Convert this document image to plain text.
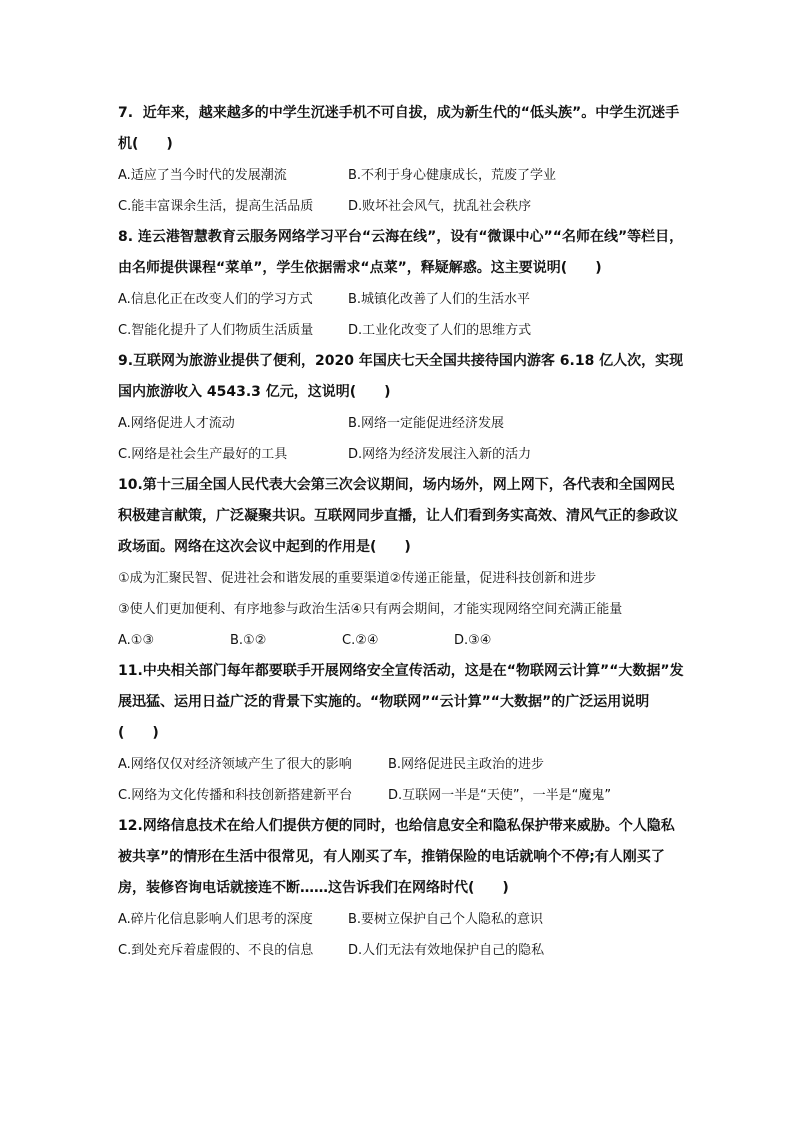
7.  近年来，越来越多的中学生沉迷手机不可自拔，成为新生代的“低头族”。中学生沉迷手机(　　)

A.适应了当今时代的发展潮流	B.不利于身心健康成长，荒废了学业

C.能丰富课余生活，提高生活品质	D.败坏社会风气，扰乱社会秩序

8. 连云港智慧教育云服务网络学习平台“云海在线”，设有“微课中心”“名师在线”等栏目，由名师提供课程“菜单”，学生依据需求“点菜”，释疑解惑。这主要说明(　　)

A.信息化正在改变人们的学习方式	B.城镇化改善了人们的生活水平

C.智能化提升了人们物质生活质量	D.工业化改变了人们的思维方式

9.互联网为旅游业提供了便利，2020 年国庆七天全国共接待国内游客 6.18 亿人次，实现国内旅游收入 4543.3 亿元，这说明(　　)

A.网络促进人才流动	B.网络一定能促进经济发展

C.网络是社会生产最好的工具	D.网络为经济发展注入新的活力

10.第十三届全国人民代表大会第三次会议期间，场内场外，网上网下，各代表和全国网民积极建言献策，广泛凝聚共识。互联网同步直播，让人们看到务实高效、清风气正的参政议政场面。网络在这次会议中起到的作用是(　　)

①成为汇聚民智、促进社会和谐发展的重要渠道②传递正能量，促进科技创新和进步

③使人们更加便利、有序地参与政治生活④只有两会期间，才能实现网络空间充满正能量

A.①③	B.①②	C.②④	D.③④

11.中央相关部门每年都要联手开展网络安全宣传活动，这是在“物联网云计算”“大数据”发展迅猛、运用日益广泛的背景下实施的。“物联网”“云计算”“大数据”的广泛运用说明(　　)

A.网络仅仅对经济领域产生了很大的影响	B.网络促进民主政治的进步

C.网络为文化传播和科技创新搭建新平台	D.互联网一半是“天使”，一半是“魔鬼”

12.网络信息技术在给人们提供方便的同时，也给信息安全和隐私保护带来威胁。个人隐私被共享”的情形在生活中很常见，有人刚买了车，推销保险的电话就响个不停;有人刚买了房，装修咨询电话就接连不断……这告诉我们在网络时代(　　)

A.碎片化信息影响人们思考的深度	B.要树立保护自己个人隐私的意识

C.到处充斥着虚假的、不良的信息	D.人们无法有效地保护自己的隐私
